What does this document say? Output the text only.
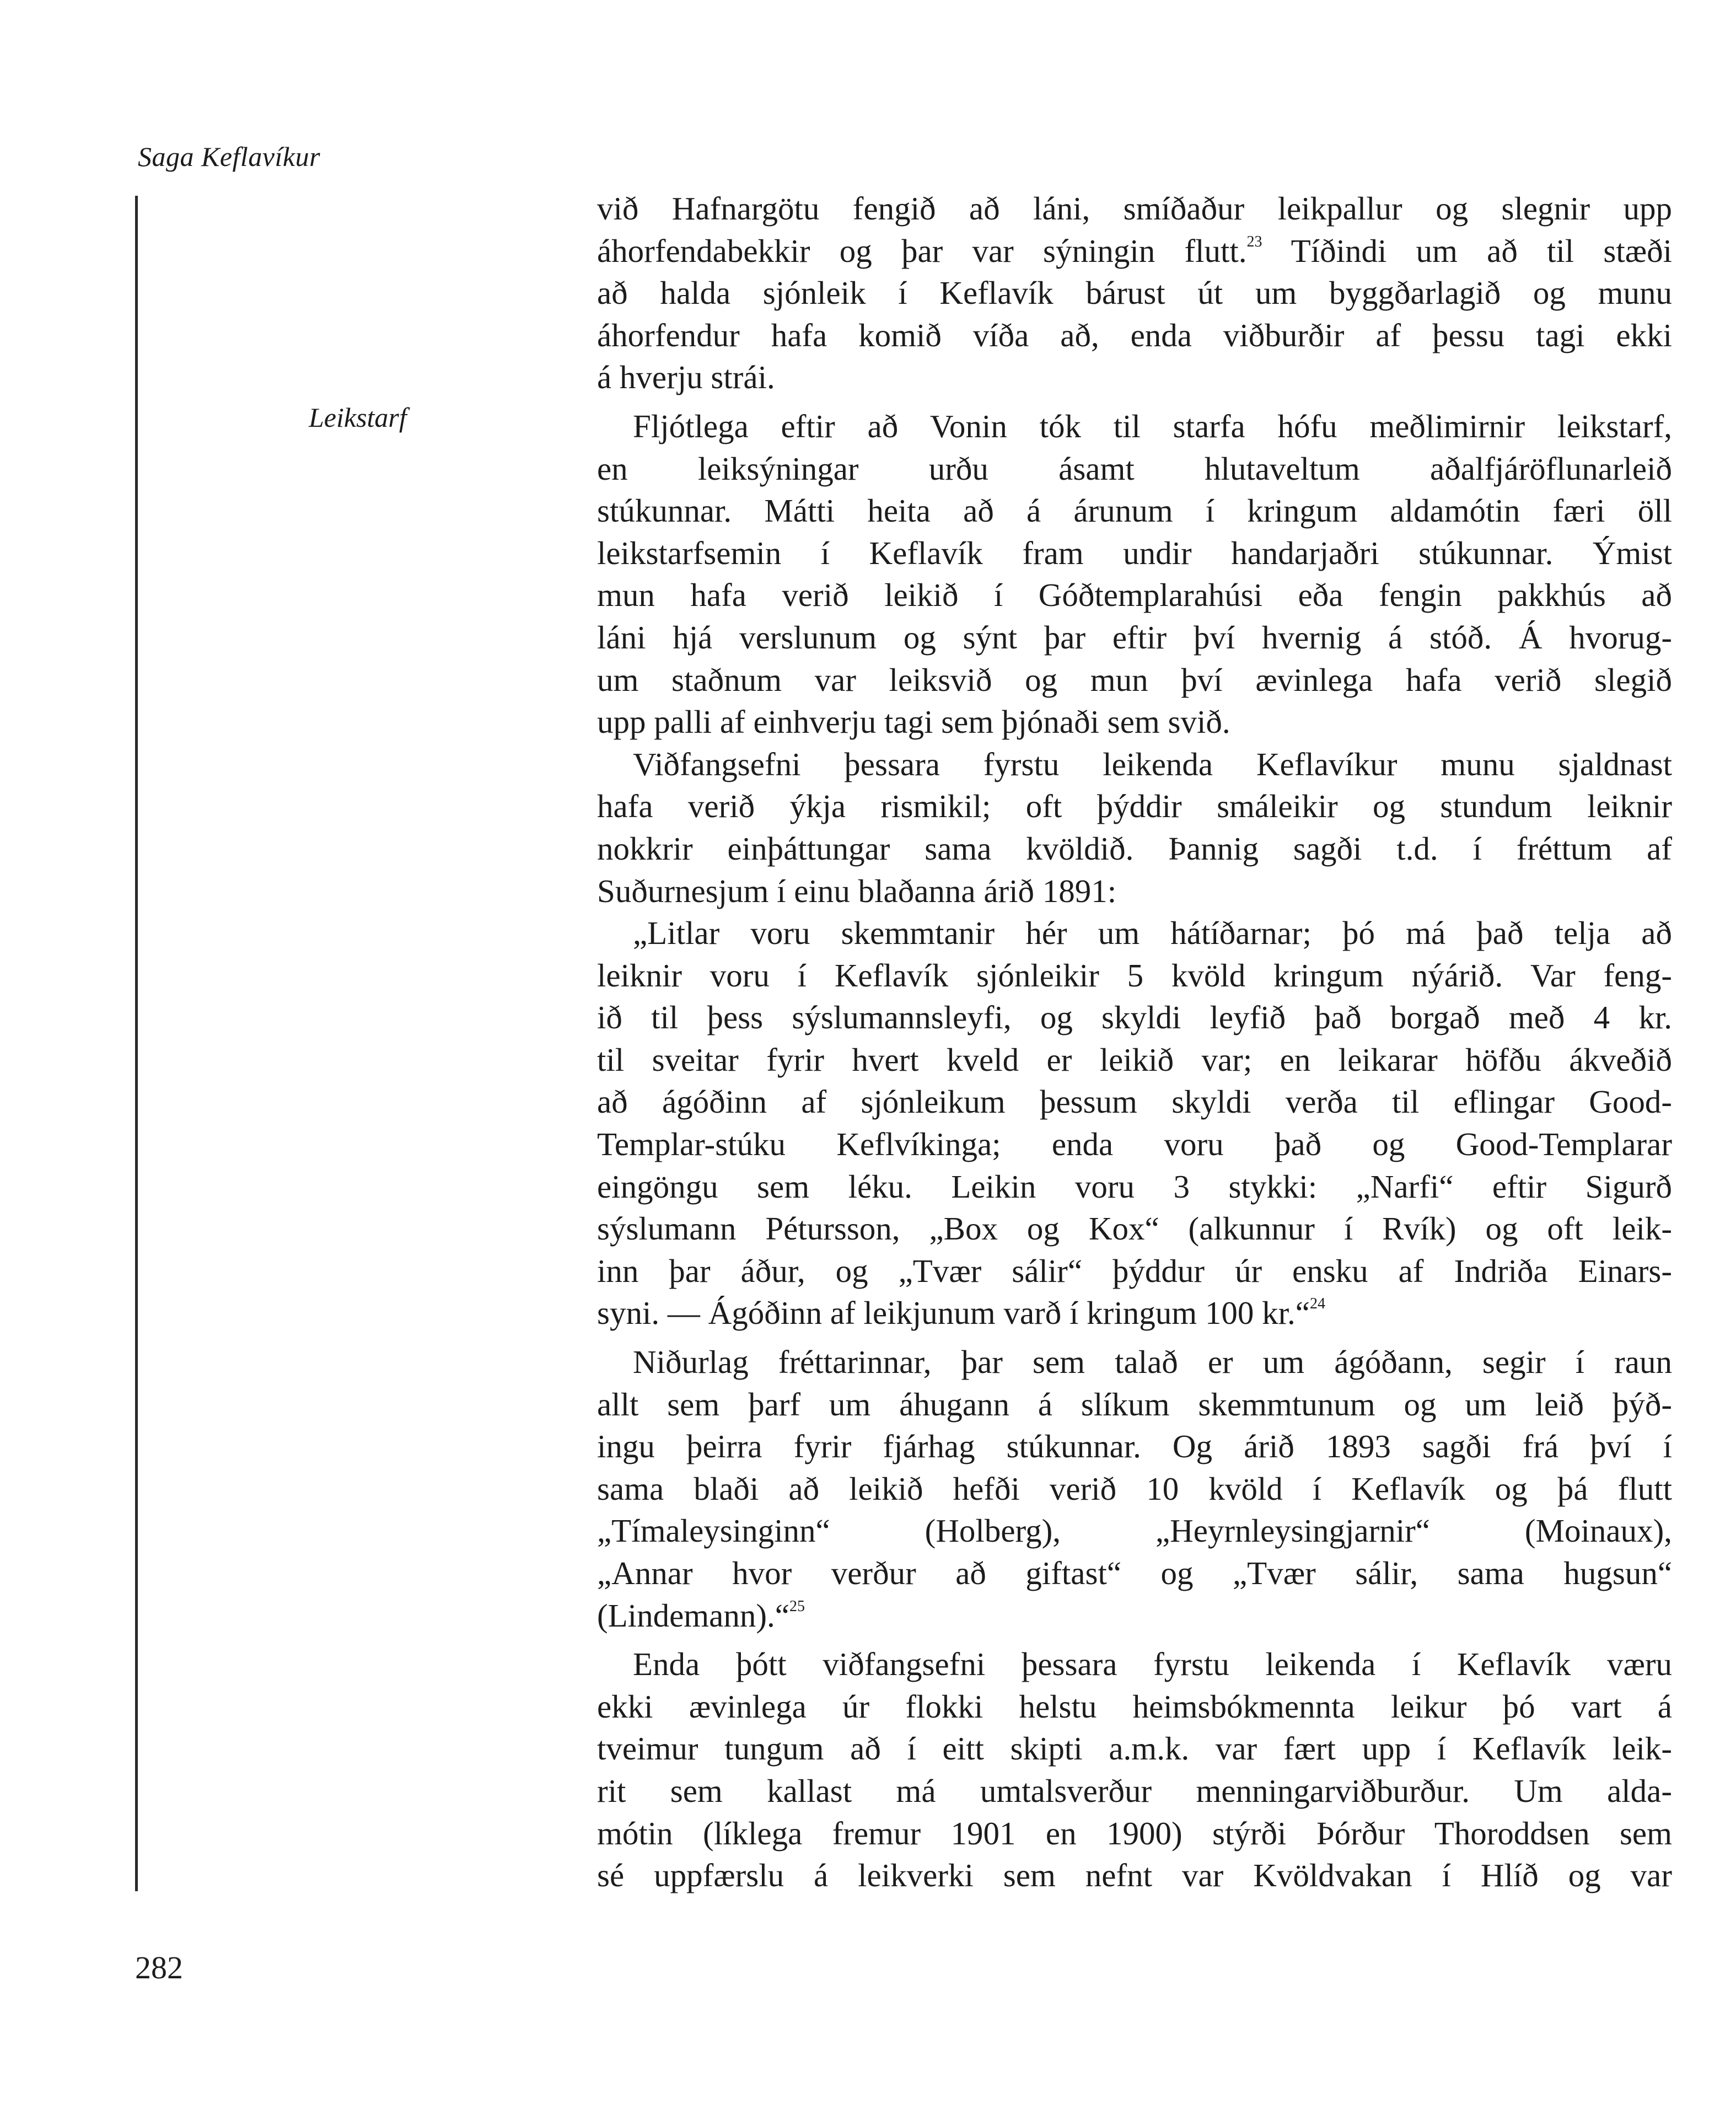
Saga Keflavíkur
Leikstarf
við Hafnargötu fengið að láni, smíðaður leikpallur og slegnir upp
áhorfendabekkir og þar var sýningin flutt.$^{23}$ Tíðindi um að til stæði
að halda sjónleik í Keflavík bárust út um byggðarlagið og munu
áhorfendur hafa komið víða að, enda viðburðir af þessu tagi ekki
á hverju strái.
Fljótlega eftir að Vonin tók til starfa hófu meðlimirnir leikstarf,
en leiksýningar urðu ásamt hlutaveltum aðalfjáröflunarleið
stúkunnar. Mátti heita að á árunum í kringum aldamótin færi öll
leikstarfsemin í Keflavík fram undir handarjaðri stúkunnar. Ýmist
mun hafa verið leikið í Góðtemplarahúsi eða fengin pakkhús að
láni hjá verslunum og sýnt þar eftir því hvernig á stóð. Á hvorug-
um staðnum var leiksvið og mun því ævinlega hafa verið slegið
upp palli af einhverju tagi sem þjónaði sem svið.
Viðfangsefni þessara fyrstu leikenda Keflavíkur munu sjaldnast
hafa verið ýkja rismikil; oft þýddir smáleikir og stundum leiknir
nokkrir einþáttungar sama kvöldið. Þannig sagði t.d. í fréttum af
Suðurnesjum í einu blaðanna árið 1891:
„Litlar voru skemmtanir hér um hátíðarnar; þó má það telja að
leiknir voru í Keflavík sjónleikir 5 kvöld kringum nýárið. Var feng-
ið til þess sýslumannsleyfi, og skyldi leyfið það borgað með 4 kr.
til sveitar fyrir hvert kveld er leikið var; en leikarar höfðu ákveðið
að ágóðinn af sjónleikum þessum skyldi verða til eflingar Good-
Templar-stúku Keflvíkinga; enda voru það og Good-Templarar
eingöngu sem léku. Leikin voru 3 stykki: „Narfi“ eftir Sigurð
sýslumann Pétursson, „Box og Kox“ (alkunnur í Rvík) og oft leik-
inn þar áður, og „Tvær sálir“ þýddur úr ensku af Indriða Einars-
syni. — Ágóðinn af leikjunum varð í kringum 100 kr.“$^{24}$
Niðurlag fréttarinnar, þar sem talað er um ágóðann, segir í raun
allt sem þarf um áhugann á slíkum skemmtunum og um leið þýð-
ingu þeirra fyrir fjárhag stúkunnar. Og árið 1893 sagði frá því í
sama blaði að leikið hefði verið 10 kvöld í Keflavík og þá flutt
„Tímaleysinginn“ (Holberg), „Heyrnleysingjarnir“ (Moinaux),
„Annar hvor verður að giftast“ og „Tvær sálir, sama hugsun“
(Lindemann).“$^{25}$
Enda þótt viðfangsefni þessara fyrstu leikenda í Keflavík væru
ekki ævinlega úr flokki helstu heimsbókmennta leikur þó vart á
tveimur tungum að í eitt skipti a.m.k. var fært upp í Keflavík leik-
rit sem kallast má umtalsverður menningarviðburður. Um alda-
mótin (líklega fremur 1901 en 1900) stýrði Þórður Thoroddsen sem
sé uppfærslu á leikverki sem nefnt var Kvöldvakan í Hlíð og var
282
